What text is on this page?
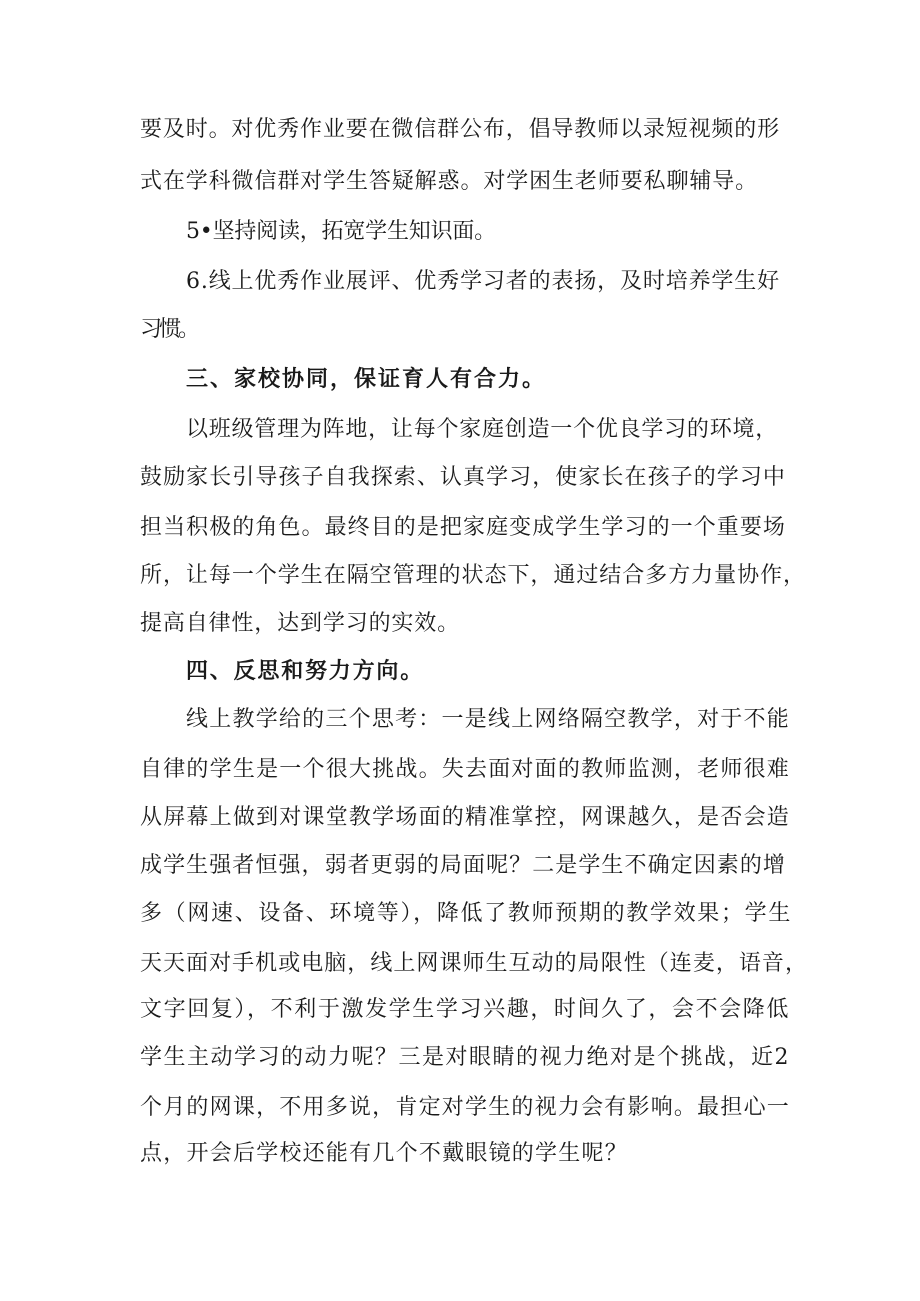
要及时。对优秀作业要在微信群公布，倡导教师以录短视频的形
式在学科微信群对学生答疑解惑。对学困生老师要私聊辅导。
5•坚持阅读，拓宽学生知识面。
6.线上优秀作业展评、优秀学习者的表扬，及时培养学生好
习惯。
三、家校协同，保证育人有合力。
以班级管理为阵地，让每个家庭创造一个优良学习的环境，
鼓励家长引导孩子自我探索、认真学习，使家长在孩子的学习中
担当积极的角色。最终目的是把家庭变成学生学习的一个重要场
所，让每一个学生在隔空管理的状态下，通过结合多方力量协作，
提高自律性，达到学习的实效。
四、反思和努力方向。
线上教学给的三个思考：一是线上网络隔空教学，对于不能
自律的学生是一个很大挑战。失去面对面的教师监测，老师很难
从屏幕上做到对课堂教学场面的精准掌控，网课越久，是否会造
成学生强者恒强，弱者更弱的局面呢？二是学生不确定因素的增
多（网速、设备、环境等），降低了教师预期的教学效果；学生
天天面对手机或电脑，线上网课师生互动的局限性（连麦，语音，
文字回复），不利于激发学生学习兴趣，时间久了，会不会降低
学生主动学习的动力呢？三是对眼睛的视力绝对是个挑战，近2
个月的网课，不用多说，肯定对学生的视力会有影响。最担心一
点，开会后学校还能有几个不戴眼镜的学生呢？
